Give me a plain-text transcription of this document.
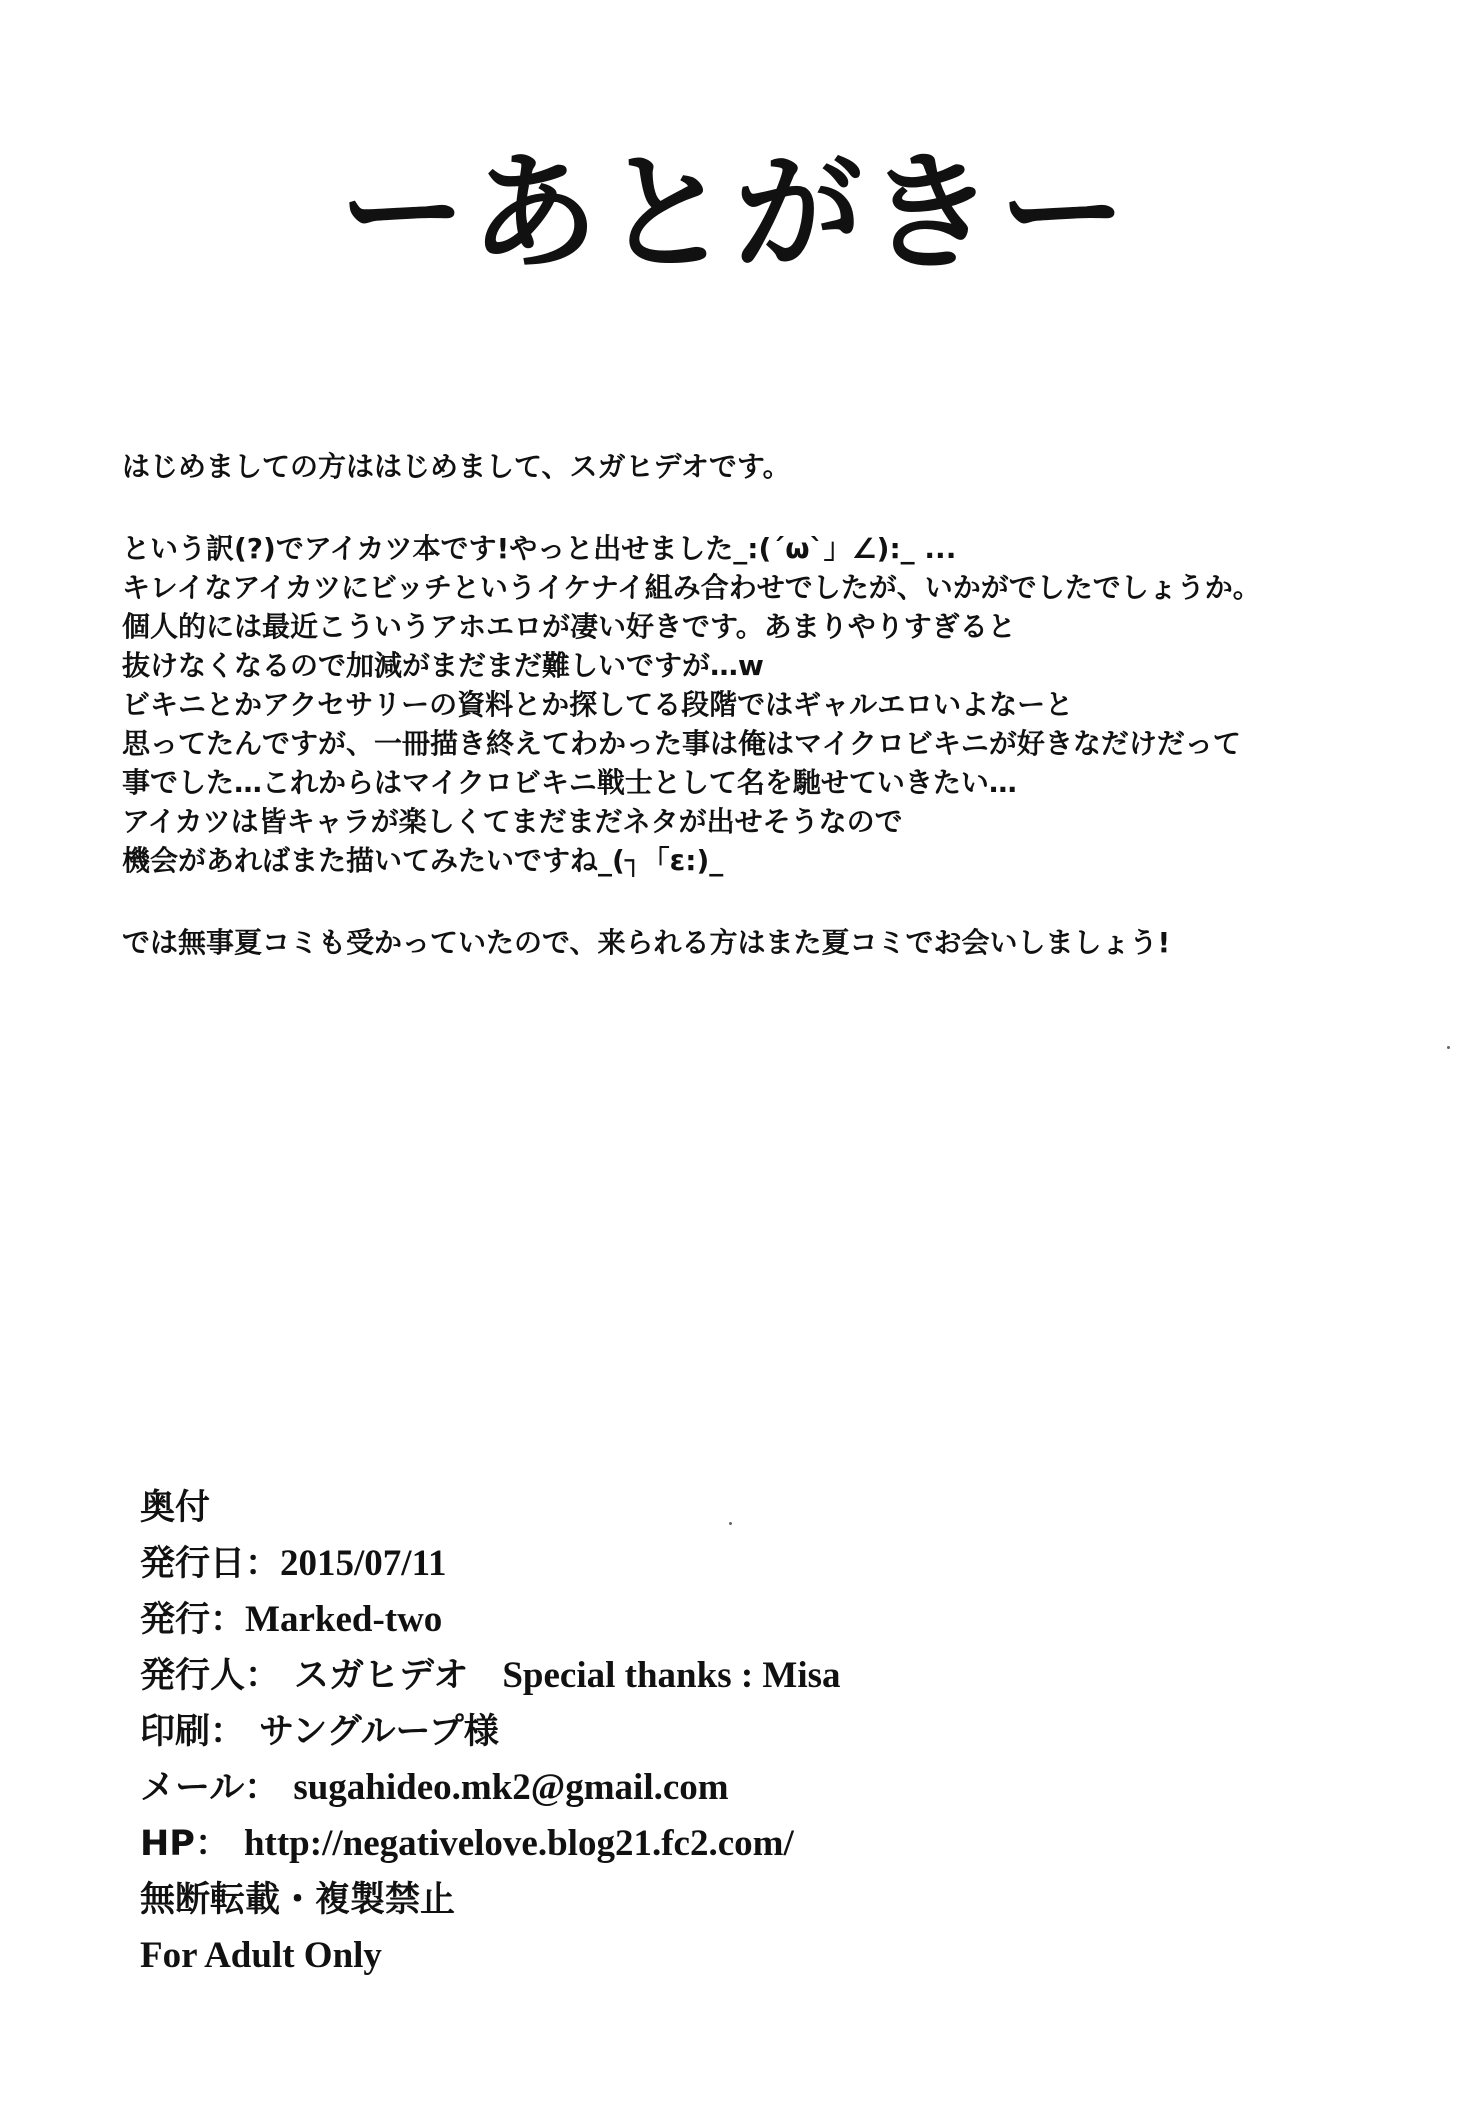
ーあとがきー

はじめましての方ははじめまして、スガヒデオです。

という訳(?)でアイカツ本です!やっと出せました_:(´ω`」∠):_ ...

キレイなアイカツにビッチというイケナイ組み合わせでしたが、いかがでしたでしょうか。

個人的には最近こういうアホエロが凄い好きです。あまりやりすぎると

抜けなくなるので加減がまだまだ難しいですが…w

ビキニとかアクセサリーの資料とか探してる段階ではギャルエロいよなーと

思ってたんですが、一冊描き終えてわかった事は俺はマイクロビキニが好きなだけだって

事でした…これからはマイクロビキニ戦士として名を馳せていきたい…

アイカツは皆キャラが楽しくてまだまだネタが出せそうなので

機会があればまた描いてみたいですね_(┐「ε:)_

では無事夏コミも受かっていたので、来られる方はまた夏コミでお会いしましょう!

奥付
発行日： 2015/07/11
発行： Marked-two
発行人： スガヒデオ Special thanks : Misa
印刷： サングループ様
メール： sugahideo.mk2@gmail.com
HP： http://negativelove.blog21.fc2.com/
無断転載・複製禁止
For Adult Only
